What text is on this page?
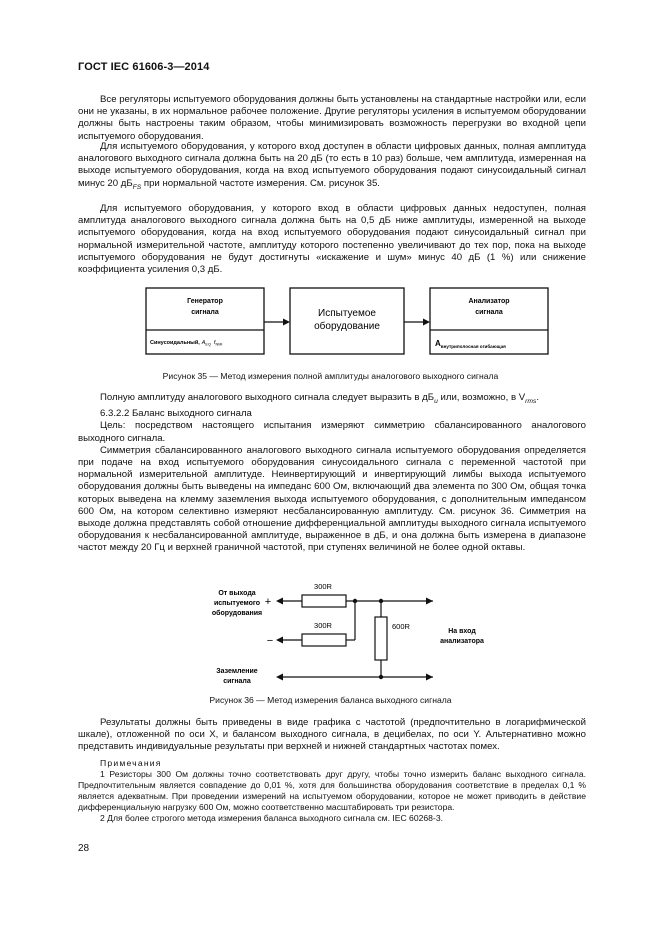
ГОСТ IEC 61606-3—2014

Все регуляторы испытуемого оборудования должны быть установлены на стандартные настройки или, если они не указаны, в их нормальное рабочее положение. Другие регуляторы усиления в испытуемом оборудовании должны быть настроены таким образом, чтобы минимизировать возможность перегрузки во входной цепи испытуемого оборудования.

Для испытуемого оборудования, у которого вход доступен в области цифровых данных, полная амплитуда аналогового выходного сигнала должна быть на 20 дБ (то есть в 10 раз) больше, чем амплитуда, измеренная на выходе испытуемого оборудования, когда на вход испытуемого оборудования подают синусоидальный сигнал минус 20 $дБ_{FS}$ при нормальной частоте измерения. См. рисунок 35.

Для испытуемого оборудования, у которого вход в области цифровых данных недоступен, полная амплитуда аналогового выходного сигнала должна быть на 0,5 дБ ниже амплитуды, измеренной на выходе испытуемого оборудования, когда на вход испытуемого оборудования подают синусоидальный сигнал при нормальной измерительной частоте, амплитуду которого постепенно увеличивают до тех пор, пока на выходе испытуемого оборудования не будут достигнуты «искажение и шум» минус 40 дБ (1 %) или снижение коэффициента усиления 0,3 дБ.

Генератор
сигнала
Синусоидальный, $A_{EQ}$ $f_{NMI}$
Испытуемое
оборудование
Анализатор
сигнала
$A_{внутриполосная огибающая}$
Рисунок 35 — Метод измерения полной амплитуды аналогового выходного сигнала

Полную амплитуду аналогового выходного сигнала следует выразить в $дБ_u$ или, возможно, в $V_{rms}$.

6.3.2.2 Баланс выходного сигнала

Цель: посредством настоящего испытания измеряют симметрию сбалансированного аналогового выходного сигнала.

Симметрия сбалансированного аналогового выходного сигнала испытуемого оборудования определяется при подаче на вход испытуемого оборудования синусоидального сигнала с переменной частотой при нормальной измерительной амплитуде. Неинвертирующий и инвертирующий лимбы выхода испытуемого оборудования должны быть выведены на импеданс 600 Ом, включающий два элемента по 300 Ом, общая точка которых выведена на клемму заземления выхода испытуемого оборудования, с дополнительным импедансом 600 Ом, на котором селективно измеряют несбалансированную амплитуду. См. рисунок 36. Симметрия на выходе должна представлять собой отношение дифференциальной амплитуды выходного сигнала испытуемого оборудования к несбалансированной амплитуде, выраженное в дБ, и она должна быть измерена в диапазоне частот между 20 Гц и верхней граничной частотой, при ступенях величиной не более одной октавы.

От выхода
испытуемого
оборудования
+
−
300R
300R	600R
На вход
анализатора
Заземление
сигнала
Рисунок 36 — Метод измерения баланса выходного сигнала

Результаты должны быть приведены в виде графика с частотой (предпочтительно в логарифмической шкале), отложенной по оси X, и балансом выходного сигнала, в децибелах, по оси Y. Альтернативно можно представить индивидуальные результаты при верхней и нижней стандартных частотах помех.

Примечания

1 Резисторы 300 Ом должны точно соответствовать друг другу, чтобы точно измерить баланс выходного сигнала. Предпочтительным является совпадение до 0,01 %, хотя для большинства оборудования соответствие в пределах 0,1 % является адекватным. При проведении измерений на испытуемом оборудовании, которое не может приводить в действие дифференциальную нагрузку 600 Ом, можно соответственно масштабировать три резистора.

2 Для более строгого метода измерения баланса выходного сигнала см. IEC 60268-3.

28
